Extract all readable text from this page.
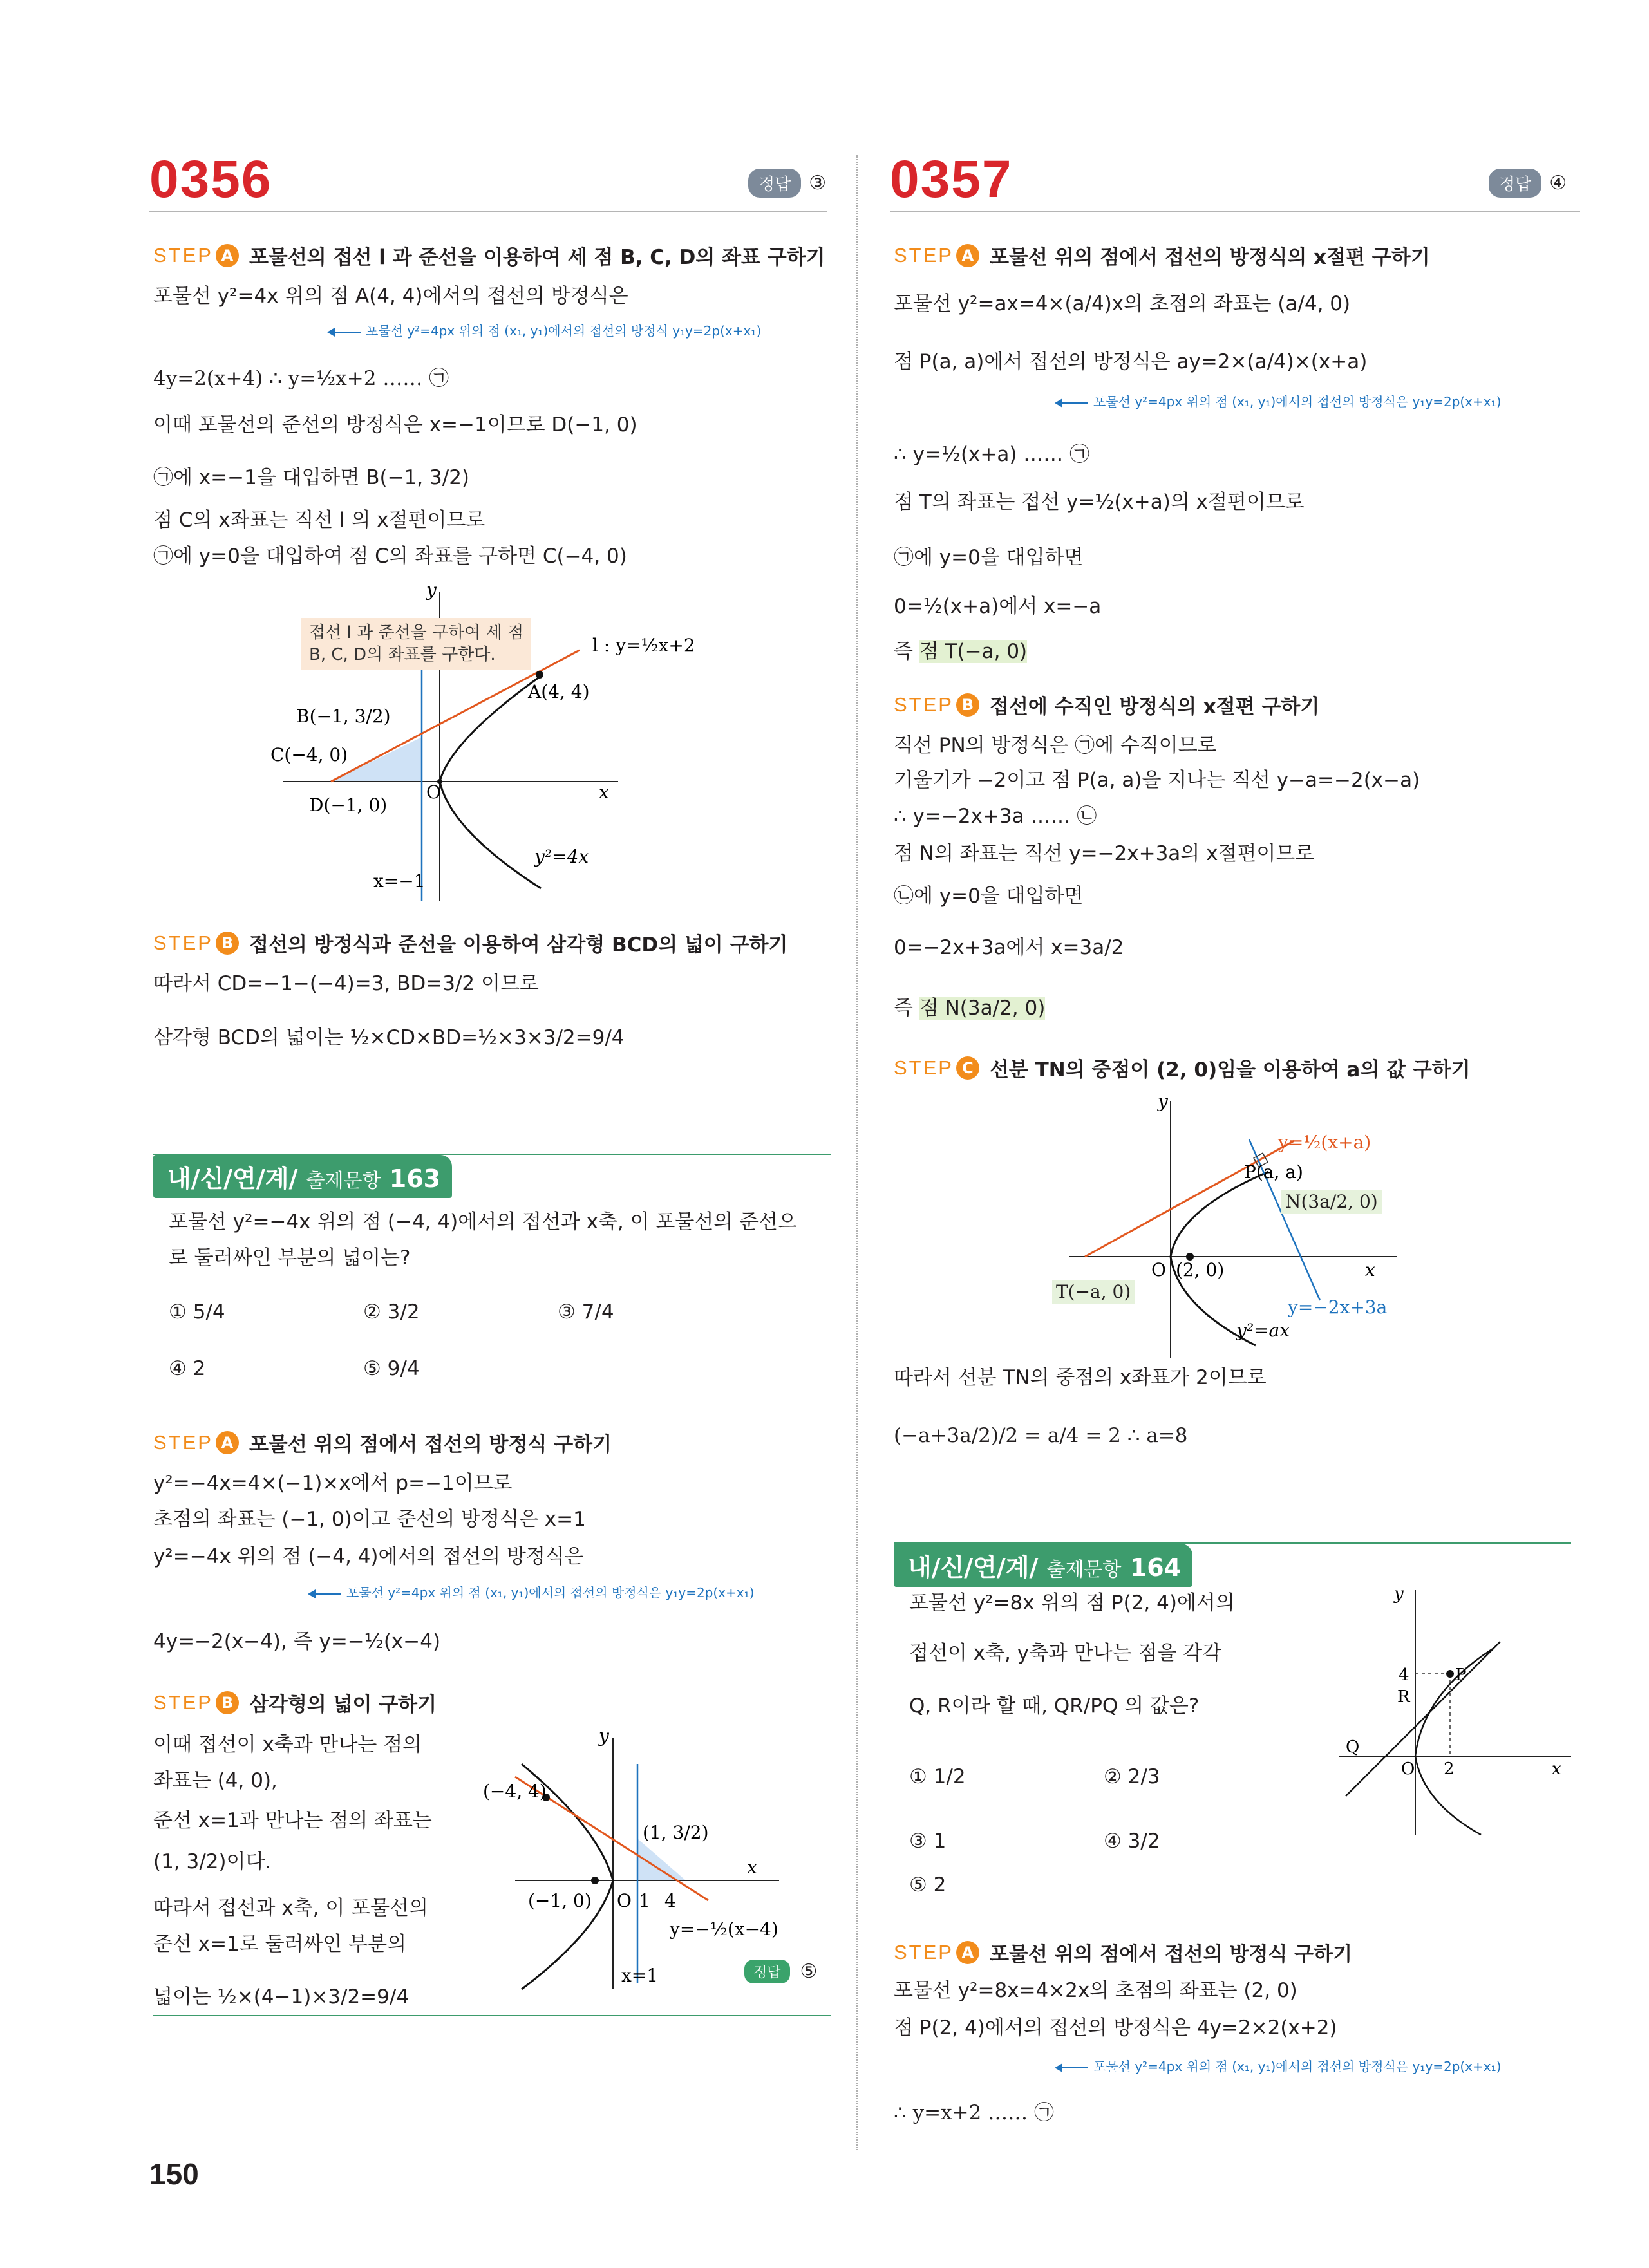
0356	정답 ③
STEP A 포물선의 접선 l 과 준선을 이용하여 세 점 B, C, D의 좌표 구하기
포물선 y²=4x 위의 점 A(4, 4)에서의 접선의 방정식은
포물선 y²=4px 위의 점 (x₁, y₁)에서의 접선의 방정식 y₁y=2p(x+x₁)
4y=2(x+4) ∴ y=½x+2 …… ㉠
이때 포물선의 준선의 방정식은 x=−1이므로 D(−1, 0)
㉠에 x=−1을 대입하면 B(−1, 3/2)
점 C의 x좌표는 직선 l 의 x절편이므로
㉠에 y=0을 대입하여 점 C의 좌표를 구하면 C(−4, 0)
A(4, 4)
B(−1, 3/2)
C(−4, 0)
D(−1, 0)
O	x
y
y²=4x
x=−1
l : y=½x+2
접선 l 과 준선을 구하여 세 점
B, C, D의 좌표를 구한다.
STEP B 접선의 방정식과 준선을 이용하여 삼각형 BCD의 넓이 구하기
따라서 CD=−1−(−4)=3, BD=3/2 이므로
삼각형 BCD의 넓이는 ½×CD×BD=½×3×3/2=9/4
내/신/연/계/ 출제문항 163
포물선 y²=−4x 위의 점 (−4, 4)에서의 접선과 x축, 이 포물선의 준선으
로 둘러싸인 부분의 넓이는?
① 5/4	② 3/2	③ 7/4
④ 2	⑤ 9/4
STEP A 포물선 위의 점에서 접선의 방정식 구하기
y²=−4x=4×(−1)×x에서 p=−1이므로
초점의 좌표는 (−1, 0)이고 준선의 방정식은 x=1
y²=−4x 위의 점 (−4, 4)에서의 접선의 방정식은
포물선 y²=4px 위의 점 (x₁, y₁)에서의 접선의 방정식은 y₁y=2p(x+x₁)
4y=−2(x−4), 즉 y=−½(x−4)
STEP B 삼각형의 넓이 구하기
이때 접선이 x축과 만나는 점의
좌표는 (4, 0),
준선 x=1과 만나는 점의 좌표는
(1, 3/2)이다.
따라서 접선과 x축, 이 포물선의
준선 x=1로 둘러싸인 부분의
넓이는 ½×(4−1)×3/2=9/4
(−4, 4)
(1, 3/2)
(−1, 0) O 1 4
x
y
y=−½(x−4)
x=1	정답	⑤
150
0357	정답 ④
STEP A 포물선 위의 점에서 접선의 방정식의 x절편 구하기
포물선 y²=ax=4×(a/4)x의 초점의 좌표는 (a/4, 0)
점 P(a, a)에서 접선의 방정식은 ay=2×(a/4)×(x+a)
포물선 y²=4px 위의 점 (x₁, y₁)에서의 접선의 방정식은 y₁y=2p(x+x₁)
∴ y=½(x+a) …… ㉠
점 T의 좌표는 접선 y=½(x+a)의 x절편이므로
㉠에 y=0을 대입하면
0=½(x+a)에서 x=−a
즉 점 T(−a, 0)
STEP B 접선에 수직인 방정식의 x절편 구하기
직선 PN의 방정식은 ㉠에 수직이므로
기울기가 −2이고 점 P(a, a)을 지나는 직선 y−a=−2(x−a)
∴ y=−2x+3a …… ㉡
점 N의 좌표는 직선 y=−2x+3a의 x절편이므로
㉡에 y=0을 대입하면
0=−2x+3a에서 x=3a/2
즉 점 N(3a/2, 0)
STEP C 선분 TN의 중점이 (2, 0)임을 이용하여 a의 값 구하기
y=½(x+a)
P(a, a)
O (2, 0)	x
y
y=−2x+3a
y²=ax
N(3a/2, 0)
T(−a, 0)
따라서 선분 TN의 중점의 x좌표가 2이므로
(−a+3a/2)/2 = a/4 = 2 ∴ a=8
내/신/연/계/ 출제문항 164
포물선 y²=8x 위의 점 P(2, 4)에서의
접선이 x축, y축과 만나는 점을 각각
Q, R이라 할 때, QR/PQ 의 값은?
① 1/2	② 2/3
③ 1	④ 3/2
⑤ 2
y
x
4
R
P
Q
O 2
STEP A 포물선 위의 점에서 접선의 방정식 구하기
포물선 y²=8x=4×2x의 초점의 좌표는 (2, 0)
점 P(2, 4)에서의 접선의 방정식은 4y=2×2(x+2)
포물선 y²=4px 위의 점 (x₁, y₁)에서의 접선의 방정식은 y₁y=2p(x+x₁)
∴ y=x+2 …… ㉠
